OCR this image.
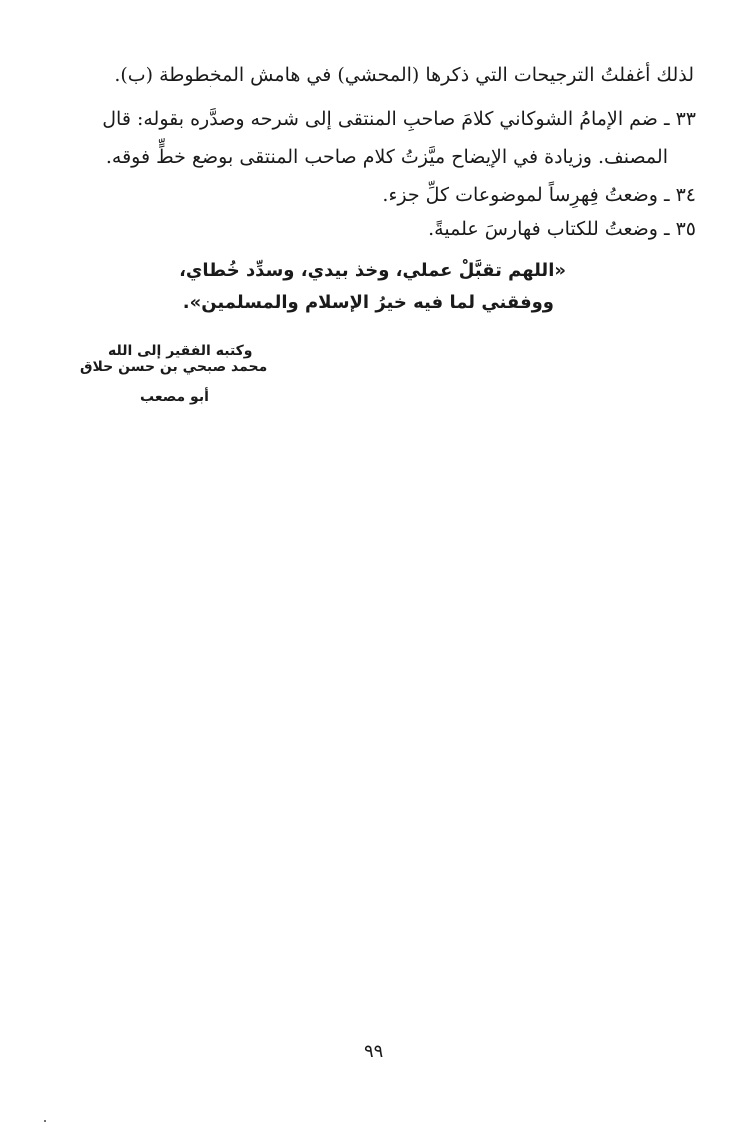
لذلك أغفلتُ الترجيحات التي ذكرها (المحشي) في هامش المخطوطة (ب).
٣٣ ـ ضم الإمامُ الشوكاني كلامَ صاحبِ المنتقى إلى شرحه وصدَّره بقوله: قال
المصنف. وزيادة في الإيضاح ميَّزتُ كلام صاحب المنتقى بوضع خطٍّ فوقه.
٣٤ ـ وضعتُ فِهرِساً لموضوعات كلِّ جزء.
٣٥ ـ وضعتُ للكتاب فهارسَ علميةً.
«اللهم تقبَّلْ عملي، وخذ بيدي، وسدِّد خُطاي،
ووفقني لما فيه خيرُ الإسلام والمسلمين».
وكتبه الفقير إلى الله
محمد صبحي بن حسن حلاق
أبو مصعب
٩٩
